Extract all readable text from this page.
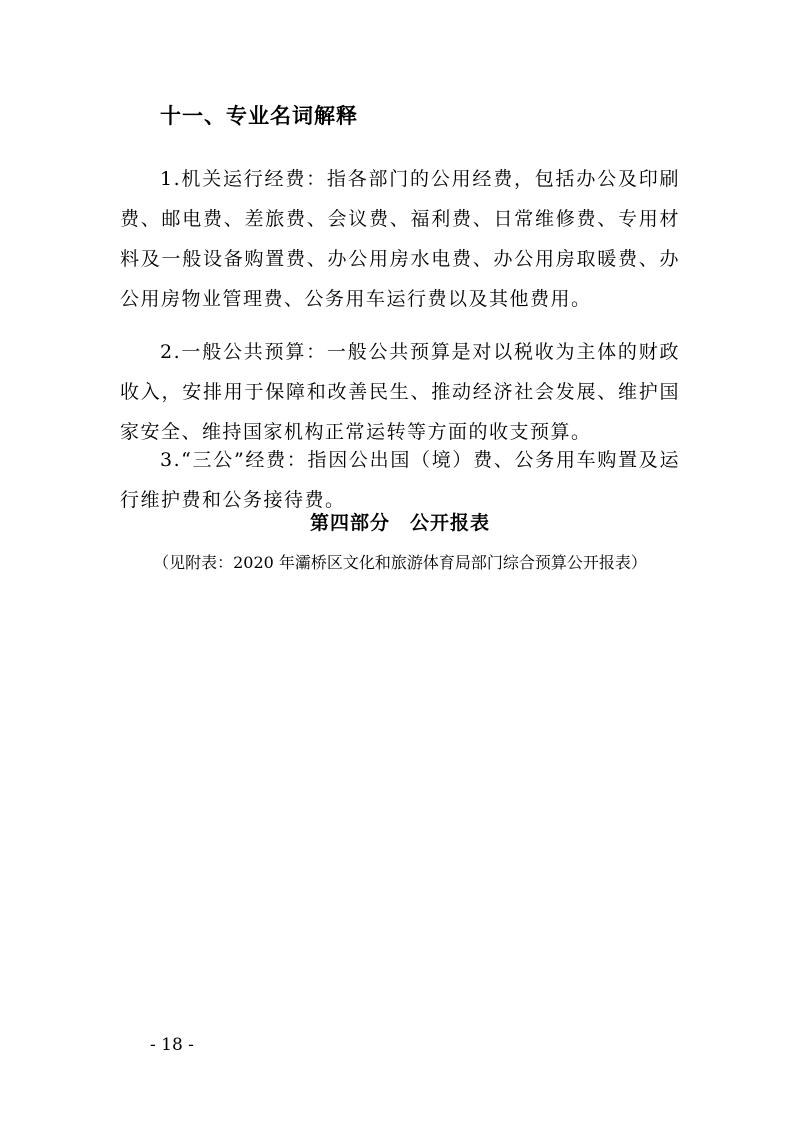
十一、专业名词解释

1.机关运行经费：指各部门的公用经费，包括办公及印刷费、邮电费、差旅费、会议费、福利费、日常维修费、专用材料及一般设备购置费、办公用房水电费、办公用房取暖费、办公用房物业管理费、公务用车运行费以及其他费用。

2.一般公共预算：一般公共预算是对以税收为主体的财政收入，安排用于保障和改善民生、推动经济社会发展、维护国家安全、维持国家机构正常运转等方面的收支预算。

3.“三公”经费：指因公出国（境）费、公务用车购置及运行维护费和公务接待费。

第四部分　公开报表
（见附表：2020 年灞桥区文化和旅游体育局部门综合预算公开报表）
- 18 -
